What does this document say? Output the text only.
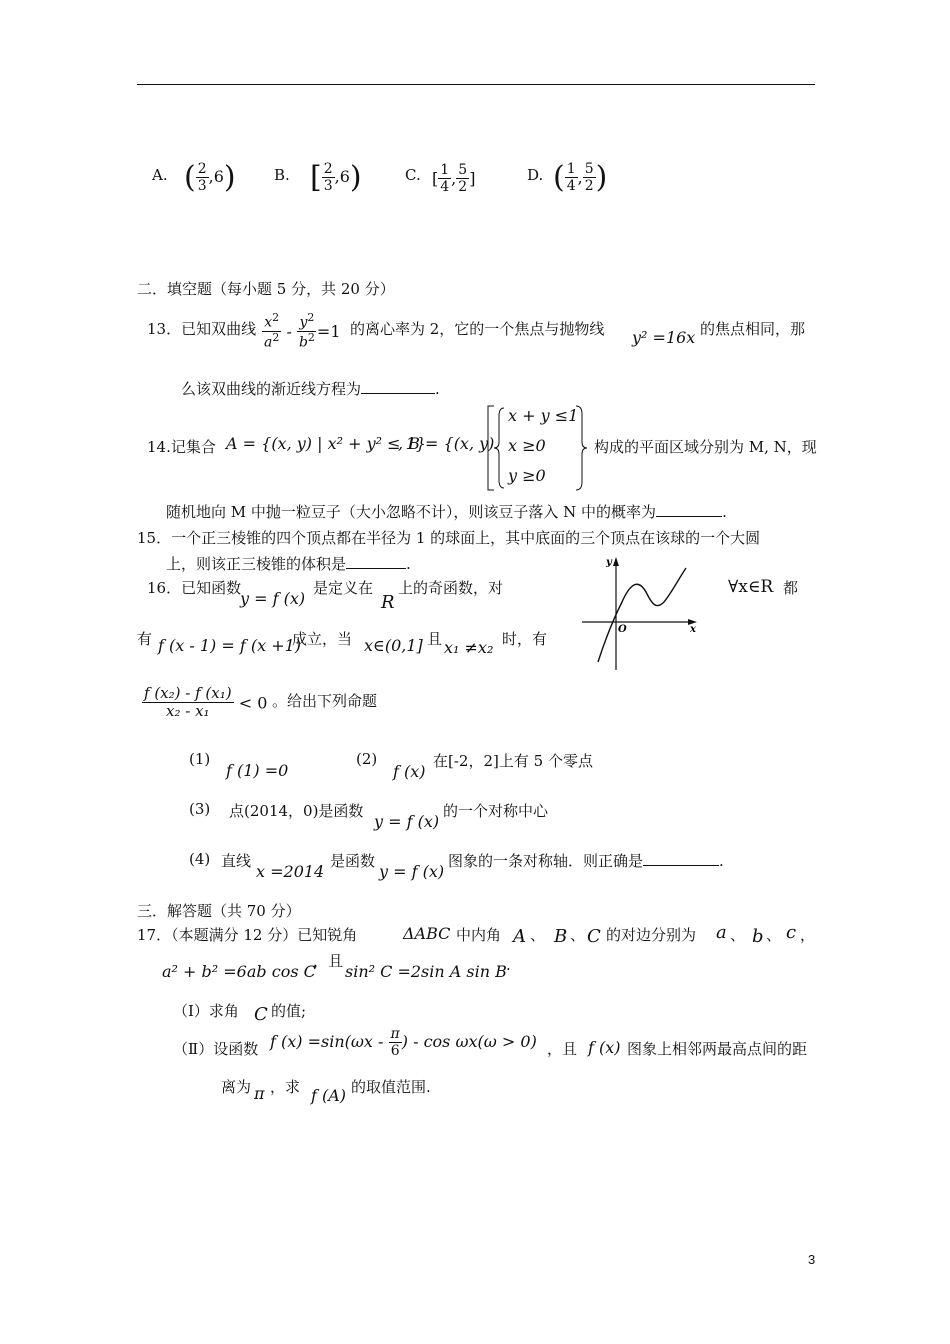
A. ( $\frac{2}{3} ,6$)	B. [ $\frac{2}{3} ,6$)	C. [ $\frac{1}{4}$ , $\frac{5}{2}$ ]	D. ( $\frac{1}{4}$ , $\frac{5}{2}$ )
二．填空题（每小题 5 分，共 20 分）
13．已知双曲线 $\frac{x^2}{a^2} - \frac{y^2}{b^2} =1$ 的离心率为 2，它的一个焦点与抛物线 y² =16x 的焦点相同，那
么该双曲线的渐近线方程为	.
14.记集合 A = {(x, y) | x² + y² ≤ 1}
, B = {(x, y)
x + y ≤1
x ≥0
y ≥0
构成的平面区域分别为 M, N，现
随机地向 M 中抛一粒豆子（大小忽略不计），则该豆子落入 N 中的概率为	.
15．一个正三棱锥的四个顶点都在半径为 1 的球面上，其中底面的三个顶点在该球的一个大圆
上，则该正三棱锥的体积是	.
16．已知函数
y = f (x)
是定义在
R
上的奇函数，对
y
x
O
∀x∈R 都
有 f (x - 1) = f (x +1)
成立，当 x∈(0,1] 且 x₁ ≠x₂ 时，有
$\frac{\text{f (x₂) - f (x₁)}}{\text{x₂ - x₁}} < 0$ 。给出下列命题
(1)
f (1) =0
(2)
f (x)
在[-2，2]上有 5 个零点
(3) 点(2014，0)是函数
y = f (x)
的一个对称中心
(4) 直线
x =2014
是函数
y = f (x)
图象的一条对称轴．则正确是	.
三．解答题（共 70 分）
17．（本题满分 12 分）已知锐角	ΔABC 中内角 A 、 B 、 C 的对边分别为 a 、 b 、 c ，
a² + b² =6ab cos C
，且
sin² C =2sin A sin B .
（Ⅰ）求角 C 的值;
（Ⅱ）设函数 f $(x) =\sin(\omega x - \frac{\pi}{6}$ ) - cos ωx(ω > 0) ，且 f (x) 图象上相邻两最高点间的距
离为 π ，求 f (A) 的取值范围.
3
